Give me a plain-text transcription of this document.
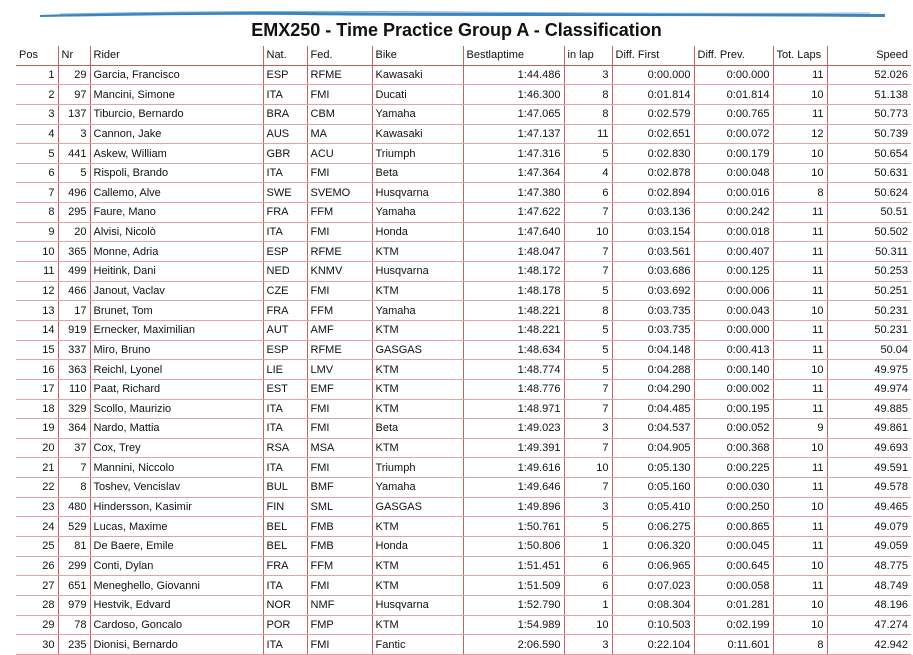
EMX250 - Time Practice Group A - Classification
Pos	Nr	Rider	Nat.	Fed.	Bike	Bestlaptime	in lap	Diff. First	Diff. Prev.	Tot. Laps	Speed
1	29	Garcia, Francisco	ESP	RFME	Kawasaki	1:44.486	3	0:00.000	0:00.000	11	52.026
2	97	Mancini, Simone	ITA	FMI	Ducati	1:46.300	8	0:01.814	0:01.814	10	51.138
3	137	Tiburcio, Bernardo	BRA	CBM	Yamaha	1:47.065	8	0:02.579	0:00.765	11	50.773
4	3	Cannon, Jake	AUS	MA	Kawasaki	1:47.137	11	0:02.651	0:00.072	12	50.739
5	441	Askew, William	GBR	ACU	Triumph	1:47.316	5	0:02.830	0:00.179	10	50.654
6	5	Rispoli, Brando	ITA	FMI	Beta	1:47.364	4	0:02.878	0:00.048	10	50.631
7	496	Callemo, Alve	SWE	SVEMO	Husqvarna	1:47.380	6	0:02.894	0:00.016	8	50.624
8	295	Faure, Mano	FRA	FFM	Yamaha	1:47.622	7	0:03.136	0:00.242	11	50.51
9	20	Alvisi, Nicolò	ITA	FMI	Honda	1:47.640	10	0:03.154	0:00.018	11	50.502
10	365	Monne, Adria	ESP	RFME	KTM	1:48.047	7	0:03.561	0:00.407	11	50.311
11	499	Heitink, Dani	NED	KNMV	Husqvarna	1:48.172	7	0:03.686	0:00.125	11	50.253
12	466	Janout, Vaclav	CZE	FMI	KTM	1:48.178	5	0:03.692	0:00.006	11	50.251
13	17	Brunet, Tom	FRA	FFM	Yamaha	1:48.221	8	0:03.735	0:00.043	10	50.231
14	919	Ernecker, Maximilian	AUT	AMF	KTM	1:48.221	5	0:03.735	0:00.000	11	50.231
15	337	Miro, Bruno	ESP	RFME	GASGAS	1:48.634	5	0:04.148	0:00.413	11	50.04
16	363	Reichl, Lyonel	LIE	LMV	KTM	1:48.774	5	0:04.288	0:00.140	10	49.975
17	110	Paat, Richard	EST	EMF	KTM	1:48.776	7	0:04.290	0:00.002	11	49.974
18	329	Scollo, Maurizio	ITA	FMI	KTM	1:48.971	7	0:04.485	0:00.195	11	49.885
19	364	Nardo, Mattia	ITA	FMI	Beta	1:49.023	3	0:04.537	0:00.052	9	49.861
20	37	Cox, Trey	RSA	MSA	KTM	1:49.391	7	0:04.905	0:00.368	10	49.693
21	7	Mannini, Niccolo	ITA	FMI	Triumph	1:49.616	10	0:05.130	0:00.225	11	49.591
22	8	Toshev, Vencislav	BUL	BMF	Yamaha	1:49.646	7	0:05.160	0:00.030	11	49.578
23	480	Hindersson, Kasimir	FIN	SML	GASGAS	1:49.896	3	0:05.410	0:00.250	10	49.465
24	529	Lucas, Maxime	BEL	FMB	KTM	1:50.761	5	0:06.275	0:00.865	11	49.079
25	81	De Baere, Emile	BEL	FMB	Honda	1:50.806	1	0:06.320	0:00.045	11	49.059
26	299	Conti, Dylan	FRA	FFM	KTM	1:51.451	6	0:06.965	0:00.645	10	48.775
27	651	Meneghello, Giovanni	ITA	FMI	KTM	1:51.509	6	0:07.023	0:00.058	11	48.749
28	979	Hestvik, Edvard	NOR	NMF	Husqvarna	1:52.790	1	0:08.304	0:01.281	10	48.196
29	78	Cardoso, Goncalo	POR	FMP	KTM	1:54.989	10	0:10.503	0:02.199	10	47.274
30	235	Dionisi, Bernardo	ITA	FMI	Fantic	2:06.590	3	0:22.104	0:11.601	8	42.942
